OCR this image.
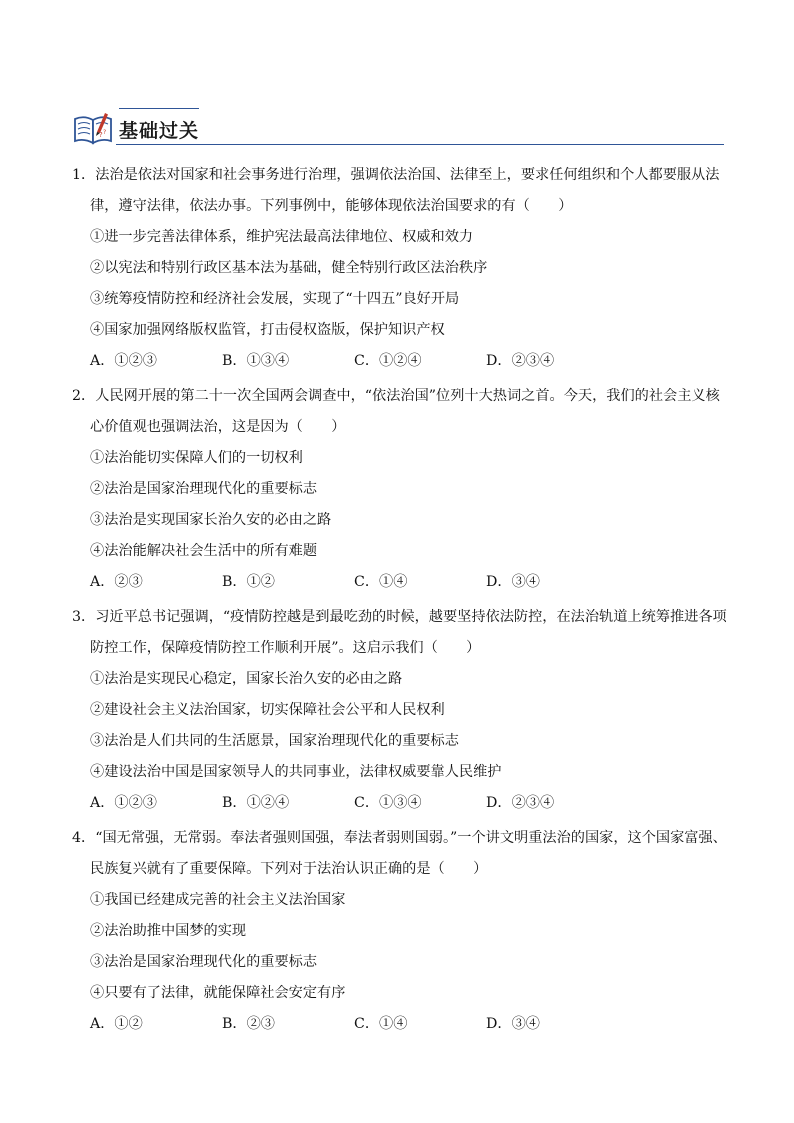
? ? 基础过关

1．法治是依法对国家和社会事务进行治理，强调依法治国、法律至上，要求任何组织和个人都要服从法律，遵守法律，依法办事。下列事例中，能够体现依法治国要求的有（　　）

①进一步完善法律体系，维护宪法最高法律地位、权威和效力

②以宪法和特别行政区基本法为基础，健全特别行政区法治秩序

③统筹疫情防控和经济社会发展，实现了“十四五”良好开局

④国家加强网络版权监管，打击侵权盗版，保护知识产权

A．①②③	B．①③④	C．①②④	D．②③④

2．人民网开展的第二十一次全国两会调查中，“依法治国”位列十大热词之首。今天，我们的社会主义核心价值观也强调法治，这是因为（　　）

①法治能切实保障人们的一切权利

②法治是国家治理现代化的重要标志

③法治是实现国家长治久安的必由之路

④法治能解决社会生活中的所有难题

A．②③	B．①②	C．①④	D．③④

3．习近平总书记强调，“疫情防控越是到最吃劲的时候，越要坚持依法防控，在法治轨道上统筹推进各项防控工作，保障疫情防控工作顺利开展”。这启示我们（　　）

①法治是实现民心稳定，国家长治久安的必由之路

②建设社会主义法治国家，切实保障社会公平和人民权利

③法治是人们共同的生活愿景，国家治理现代化的重要标志

④建设法治中国是国家领导人的共同事业，法律权威要靠人民维护

A．①②③	B．①②④	C．①③④	D．②③④

4．“国无常强，无常弱。奉法者强则国强，奉法者弱则国弱。”一个讲文明重法治的国家，这个国家富强、民族复兴就有了重要保障。下列对于法治认识正确的是（　　）

①我国已经建成完善的社会主义法治国家

②法治助推中国梦的实现

③法治是国家治理现代化的重要标志

④只要有了法律，就能保障社会安定有序

A．①②	B．②③	C．①④	D．③④
